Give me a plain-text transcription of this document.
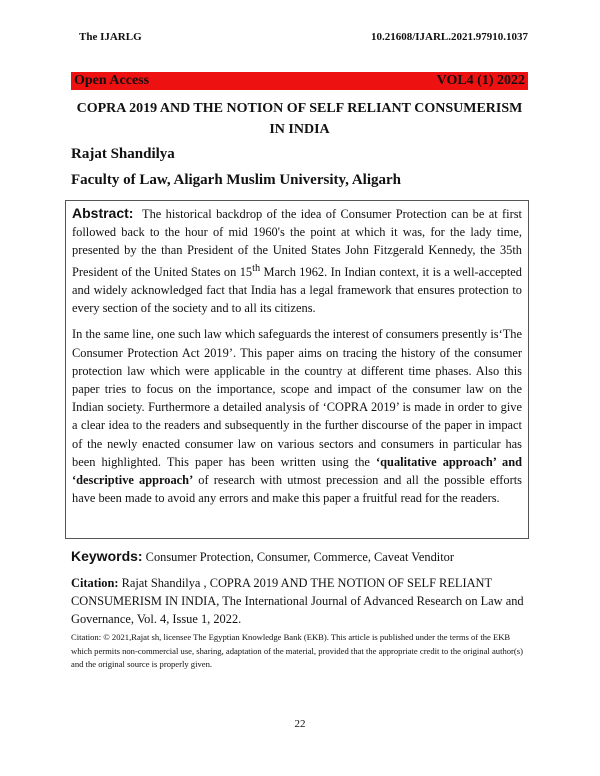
The IJARLG	10.21608/IJARL.2021.97910.1037
Open Access	VOL4 (1) 2022
COPRA 2019 AND THE NOTION OF SELF RELIANT CONSUMERISM IN INDIA
Rajat Shandilya
Faculty of Law, Aligarh Muslim University, Aligarh

Abstract: The historical backdrop of the idea of Consumer Protection can be at first followed back to the hour of mid 1960's the point at which it was, for the lady time, presented by the than President of the United States John Fitzgerald Kennedy, the 35th President of the United States on 15th March 1962. In Indian context, it is a well-accepted and widely acknowledged fact that India has a legal framework that ensures protection to every section of the society and to all its citizens.

In the same line, one such law which safeguards the interest of consumers presently is‘The Consumer Protection Act 2019’. This paper aims on tracing the history of the consumer protection law which were applicable in the country at different time phases. Also this paper tries to focus on the importance, scope and impact of the consumer law on the Indian society. Furthermore a detailed analysis of ‘COPRA 2019’ is made in order to give a clear idea to the readers and subsequently in the further discourse of the paper in impact of the newly enacted consumer law on various sectors and consumers in particular has been highlighted. This paper has been written using the ‘qualitative approach’ and ‘descriptive approach’ of research with utmost precession and all the possible efforts have been made to avoid any errors and make this paper a fruitful read for the readers.

Keywords: Consumer Protection, Consumer, Commerce, Caveat Venditor
Citation: Rajat Shandilya , COPRA 2019 AND THE NOTION OF SELF RELIANT CONSUMERISM IN INDIA, The International Journal of Advanced Research on Law and Governance, Vol. 4, Issue 1, 2022.
Citation: © 2021,Rajat sh, licensee The Egyptian Knowledge Bank (EKB). This article is published under the terms of the EKB which permits non-commercial use, sharing, adaptation of the material, provided that the appropriate credit to the original author(s) and the original source is properly given.
22
